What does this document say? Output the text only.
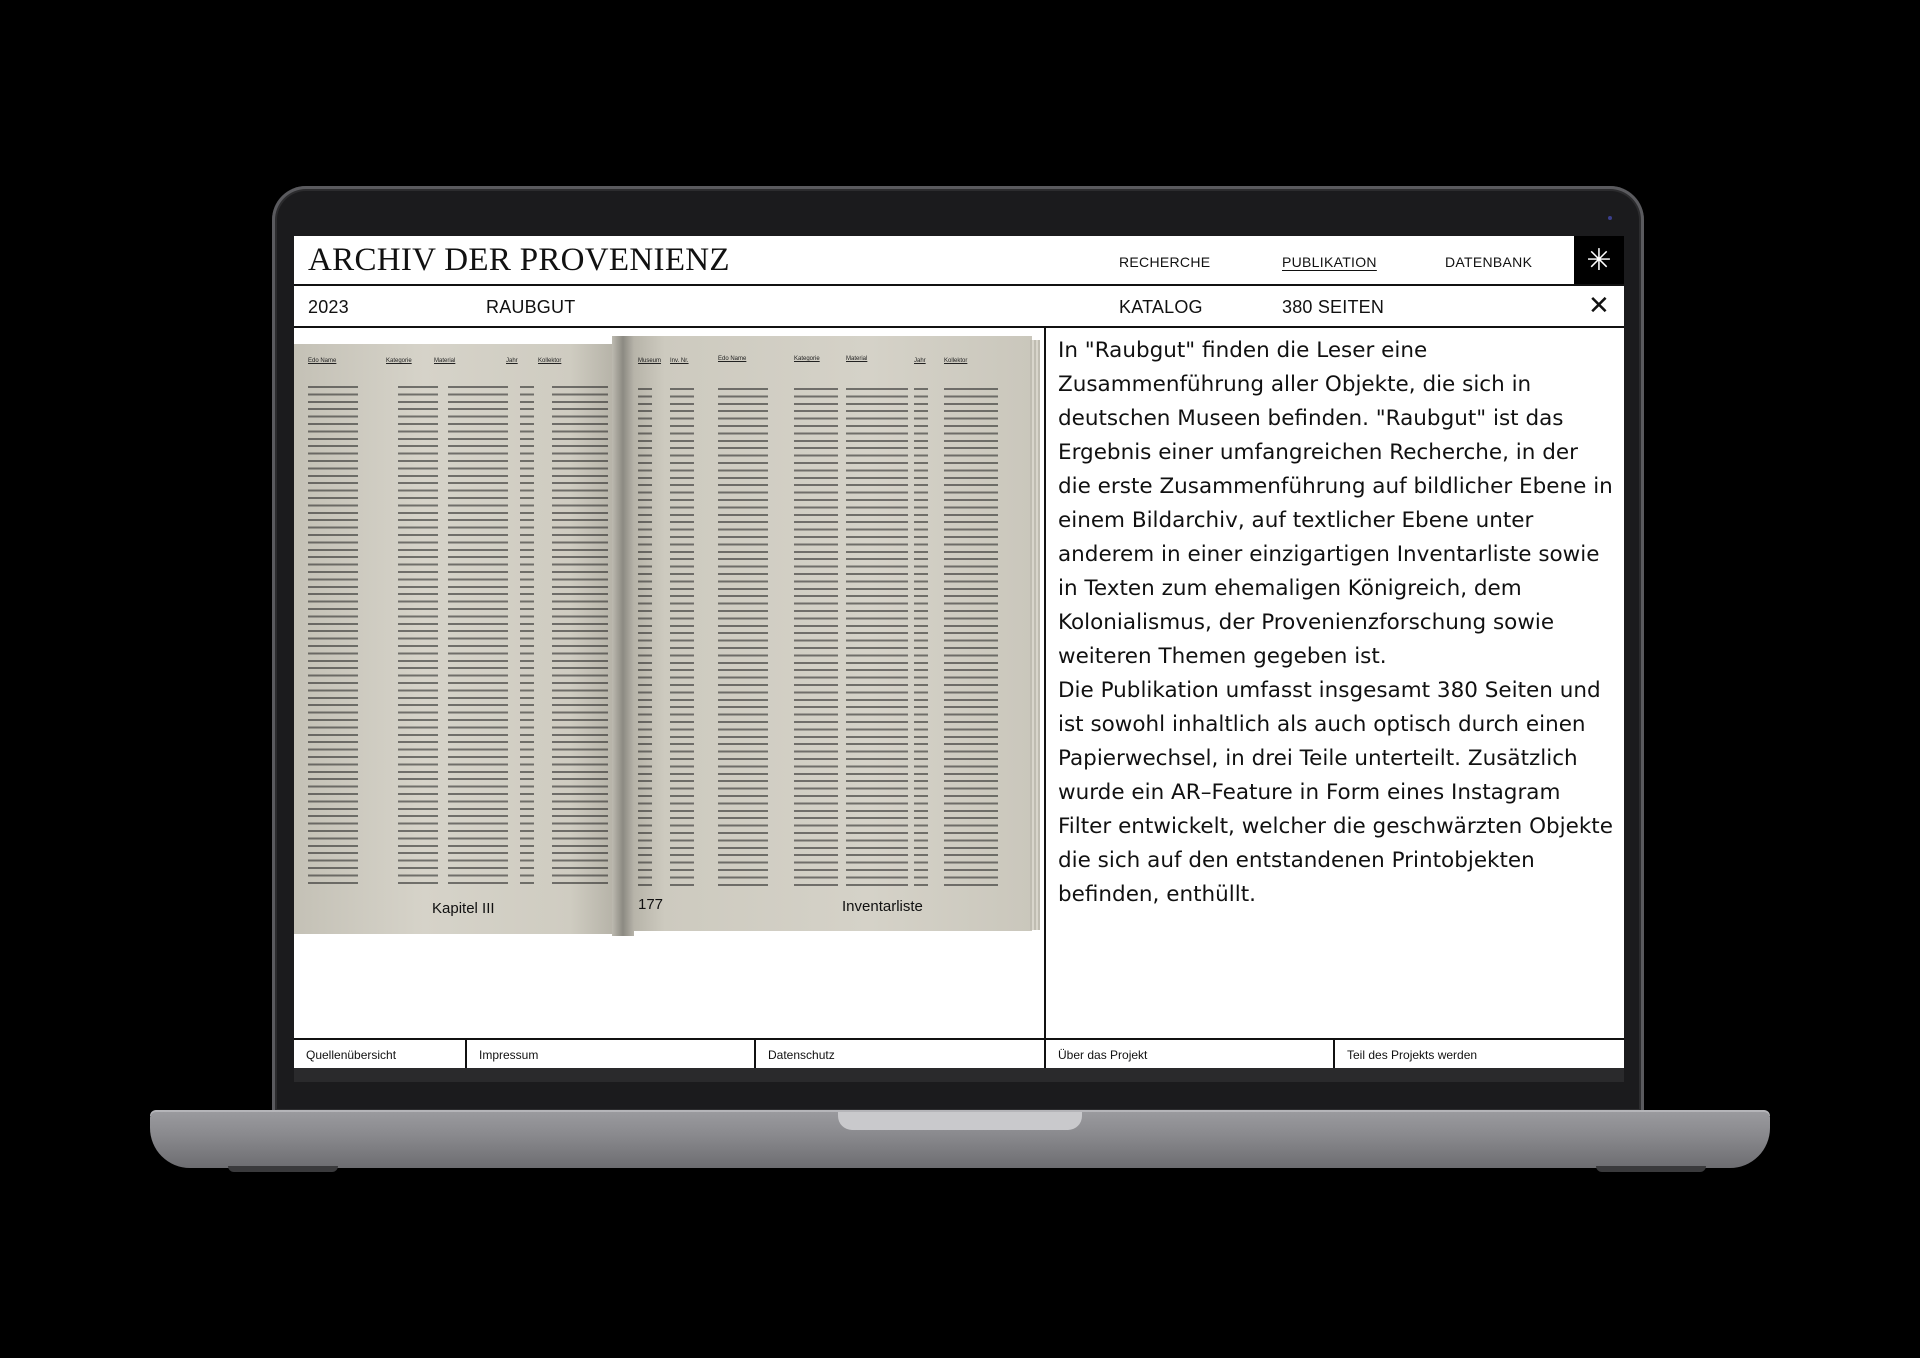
ARCHIV DER PROVENIENZ	RECHERCHE	PUBLIKATION	DATENBANK	✳
2023	RAUBGUT	KATALOG	380 SEITEN	✕
Edo Name	Kategorie	Material	Jahr	Kollektor	Museum Inv. Nr.	Edo Name	Kategorie	Material	Jahr	Kollektor
Kapitel III	177	Inventarliste

In "Raubgut" finden die Leser eine Zusammenführung aller Objekte, die sich in deutschen Museen befinden. "Raubgut" ist das Ergebnis einer umfangreichen Recherche, in der die erste Zusammenführung auf bildlicher Ebene in einem Bildarchiv, auf textlicher Ebene unter anderem in einer einzigartigen Inventarliste sowie in Texten zum ehemaligen Königreich, dem Kolonialismus, der Provenienzforschung sowie weiteren Themen gegeben ist.
Die Publikation umfasst insgesamt 380 Seiten und ist sowohl inhaltlich als auch optisch durch einen Papierwechsel, in drei Teile unterteilt. Zusätzlich wurde ein AR–Feature in Form eines Instagram Filter entwickelt, welcher die geschwärzten Objekte die sich auf den entstandenen Printobjekten befinden, enthüllt.

Quellenübersicht	Impressum	Datenschutz	Über das Projekt	Teil des Projekts werden
